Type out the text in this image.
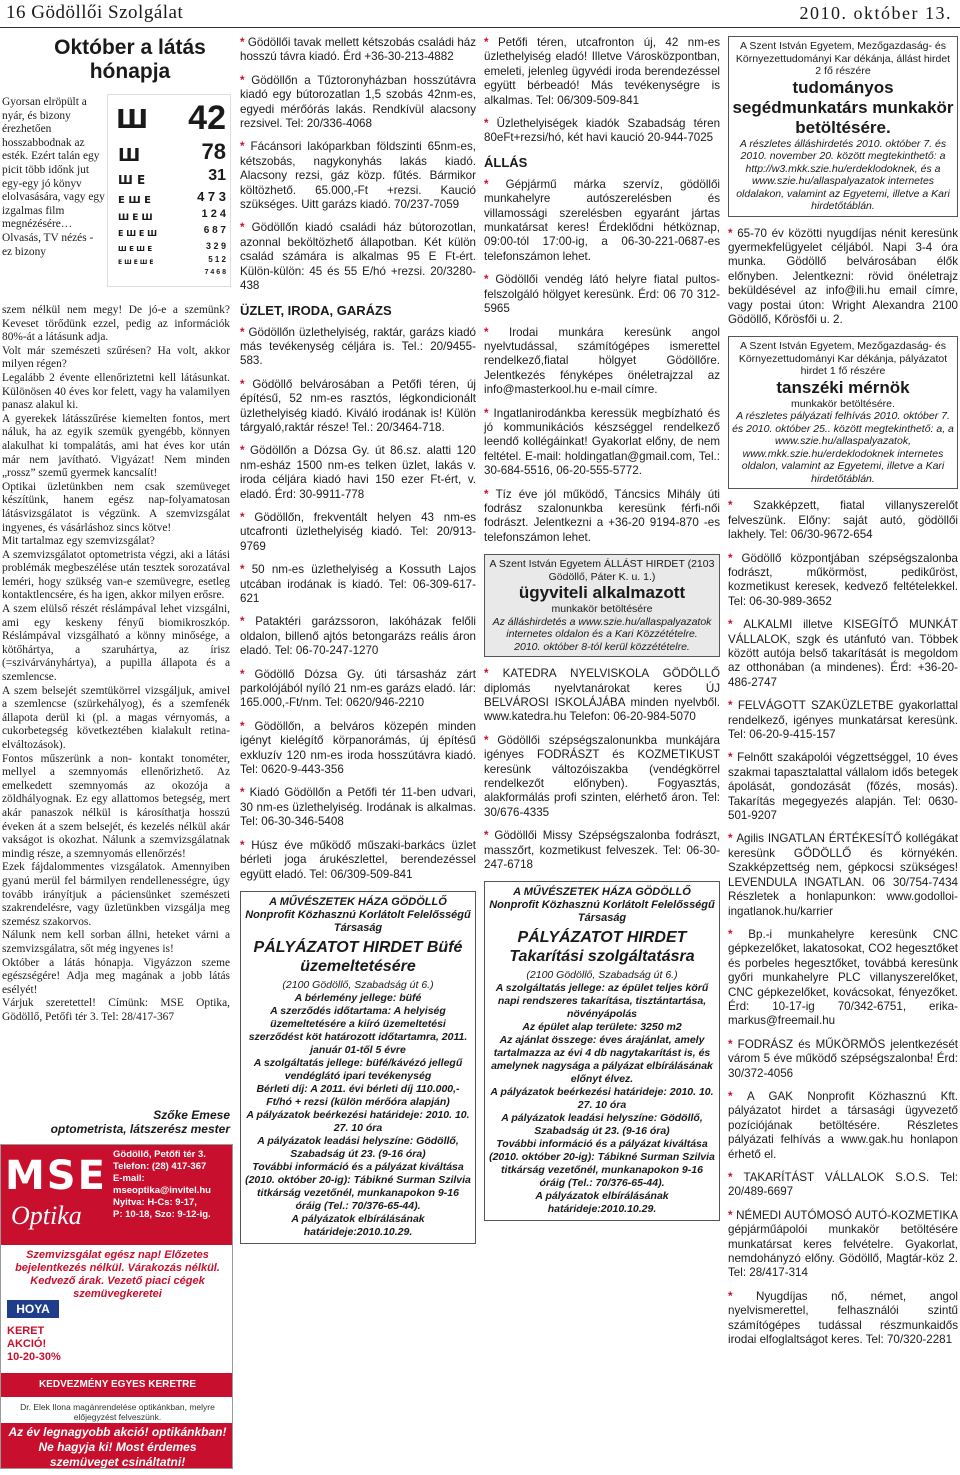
16 Gödöllői Szolgálat	2010. október 13.
Október a látás hónapja
Ш
Ш
Ш E
E Ш E
Ш E Ш
E Ш E Ш
Ш E Ш E
E Ш E Ш E
42
78
31
4 7 3
1 2 4
6 8 7
3 2 9
5 1 2
7 4 6 8
Gyorsan elröpült a nyár, és bizony érezhetően hosszabbodnak az esték. Ezért talán egy picit több időnk jut egy-egy jó könyv elolvasására, vagy egy izgalmas film megnézésére… Olvasás, TV nézés - ez bizony

szem nélkül nem megy! De jó-e a szemünk? Keveset törődünk ezzel, pedig az információk 80%-át a látásunk adja.

Volt már szemészeti szűrésen? Ha volt, akkor milyen régen?

Legalább 2 évente ellenőriztetni kell látásunkat. Különösen 40 éves kor felett, vagy ha valamilyen panasz alakul ki.

A gyerekek látásszűrése kiemelten fontos, mert náluk, ha az egyik szemük gyengébb, könnyen alakulhat ki tompalátás, ami hat éves kor után már nem javítható. Vigyázat! Nem minden „rossz” szemű gyermek kancsalít!

Optikai üzletünkben nem csak szemüveget készítünk, hanem egész nap-folyamatosan látásvizsgálatot is végzünk. A szemvizsgálat ingyenes, és vásárláshoz sincs kötve!

Mit tartalmaz egy szemvizsgálat?

A szemvizsgálatot optometrista végzi, aki a látási problémák megbeszélése után tesztek sorozatával leméri, hogy szükség van-e szemüvegre, esetleg kontaktlencsére, és ha igen, akkor milyen erősre.

A szem elülső részét réslámpával lehet vizsgálni, ami egy keskeny fényű biomikroszkóp. Réslámpával vizsgálható a könny minősége, a kötőhártya, a szaruhártya, az írisz (=szivárványhártya), a pupilla állapota és a szemlencse.

A szem belsejét szemtükörrel vizsgáljuk, amivel a szemlencse (szürkehályog), és a szemfenék állapota derül ki (pl. a magas vérnyomás, a cukorbetegség következtében kialakult retina-elváltozások).

Fontos műszerünk a non- kontakt tonométer, mellyel a szemnyomás ellenőrizhető. Az emelkedett szemnyomás az okozója a zöldhályognak. Ez egy allattomos betegség, mert akár panaszok nélkül is károsíthatja hosszú éveken át a szem belsejét, és kezelés nélkül akár vakságot is okozhat. Nálunk a szemvizsgálatnak mindig része, a szemnyomás ellenőrzés!

Ezek fájdalommentes vizsgálatok. Amennyiben gyanú merül fel bármilyen rendellenességre, úgy tovább irányítjuk a páciensünket szemészeti szakrendelésre, vagy üzletünkben vizsgálja meg szemész szakorvos.

Nálunk nem kell sorban állni, heteket várni a szemvizsgálatra, sőt még ingyenes is!

Október a látás hónapja. Vigyázzon szeme egészségére! Adja meg magának a jobb látás esélyét!

Várjuk szeretettel! Címünk: MSE Optika, Gödöllő, Petőfi tér 3. Tel: 28/417-367

Szőke Emese
optometrista, látszerész mester
MSE
Optika
Gödöllő, Petőfi tér 3.
Telefon: (28) 417-367
E-mail: mseoptika@invitel.hu
Nyitva: H-Cs: 9-17,
P: 10-18, Szo: 9-12-ig.
Szemvizsgálat egész nap! Előzetes bejelentkezés nélkül. Várakozás nélkül. Kedvező árak. Vezető piaci cégek szemüvegkeretei
HOYA
KERET
AKCIÓ!
10-20-30%
KEDVEZMÉNY EGYES KERETRE
Dr. Elek Ilona magánrendelése optikánkban, melyre előjegyzést felveszünk.
Az év legnagyobb akció! optikánkban!
Ne hagyja ki! Most érdemes
szemüveget csináltatni!
* Gödöllői tavak mellett kétszobás családi ház hosszú távra kiadó. Érd +36-30-213-4882
* Gödöllőn a Tűztoronyházban hosszútávra kiadó egy bútorozatlan 1,5 szobás 42nm-es, egyedi mérőórás lakás. Rendkívül alacsony rezsivel. Tel: 20/336-4068
* Fácánsori lakóparkban földszinti 65nm-es, kétszobás, nagykonyhás lakás kiadó. Alacsony rezsi, gáz közp. fűtés. Bármikor költözhető. 65.000,-Ft +rezsi. Kaució szükséges. Uitt garázs kiadó. 70/237-7059
* Gödöllőn kiadó családi ház bútorozotlan, azonnal beköltözhető állapotban. Két külön család számára is alkalmas 95 E Ft-ért. Külön-külön: 45 és 55 E/hó +rezsi. 20/3280-438
ÜZLET, IRODA, GARÁZS
* Gödöllőn üzlethelyiség, raktár, garázs kiadó más tevékenység céljára is. Tel.: 20/9455-583.
* Gödöllő belvárosában a Petőfi téren, új építésű, 52 nm-es rasztós, légkondicionált üzlethelyiség kiadó. Kiváló irodának is! Külön tárgyaló,raktár része! Tel.: 20/3464-718.
* Gödöllőn a Dózsa Gy. út 86.sz. alatti 120 nm-esház 1500 nm-es telken üzlet, lakás v. iroda céljára kiadó havi 150 ezer Ft-ért, v. eladó. Érd: 30-9911-778
* Gödöllőn, frekventált helyen 43 nm-es utcafronti üzlethelyiség kiadó. Tel: 20/913-9769
* 50 nm-es üzlethelyiség a Kossuth Lajos utcában irodának is kiadó. Tel: 06-309-617-621
* Pataktéri garázssoron, lakóházak felőli oldalon, billenő ajtós betongarázs reális áron eladó. Tel: 06-70-247-1270
* Gödöllő Dózsa Gy. úti társasház zárt parkolójából nyíló 21 nm-es garázs eladó. Iár: 165.000,-Ft/nm. Tel: 0620/946-2210
* Gödöllőn, a belváros közepén minden igényt kielégítő körpanorámás, új építésű exkluzív 120 nm-es iroda hosszútávra kiadó. Tel: 0620-9-443-356
* Kiadó Gödöllőn a Petőfi tér 11-ben udvari, 30 nm-es üzlethelyiség. Irodának is alkalmas. Tel: 06-30-346-5408
* Húsz éve működő műszaki-barkács üzlet bérleti joga árukészlettel, berendezéssel együtt eladó. Tel: 06/309-509-841
A MŰVÉSZETEK HÁZA GÖDÖLLŐ
Nonprofit Közhasznú Korlátolt Felelősségű Társaság
PÁLYÁZATOT HIRDET Büfé üzemeltetésére
(2100 Gödöllő, Szabadság út 6.)
A bérlemény jellege: büfé
A szerződés időtartama: A helyiség üzemeltetésére a kiíró üzemeltetési szerződést köt határozott időtartamra, 2011. január 01-től 5 évre
A szolgáltatás jellege: büfé/kávézó jellegű vendéglátó ipari tevékenység
Bérleti díj: A 2011. évi bérleti díj 110.000,-Ft/hó + rezsi (külön mérőóra alapján)
A pályázatok beérkezési határideje: 2010. 10. 27. 10 óra
A pályázatok leadási helyszíne: Gödöllő, Szabadság út 23. (9-16 óra)
További információ és a pályázat kiváltása (2010. október 20-ig): Tábikné Surman Szilvia titkárság vezetőnél, munkanapokon 9-16 óráig (Tel.: 70/376-65-44).
A pályázatok elbírálásának határideje:2010.10.29.
* Petőfi téren, utcafronton új, 42 nm-es üzlethelyiség eladó! Illetve Városközpontban, emeleti, jelenleg ügyvédi iroda berendezéssel együtt bérbeadó! Más tevékenységre is alkalmas. Tel: 06/309-509-841
* Üzlethelyiségek kiadók Szabadság téren 80eFt+rezsi/hó, két havi kaució 20-944-7025
ÁLLÁS
* Gépjármű márka szervíz, gödöllői munkahelyre autószerelésben és villamossági szerelésben egyaránt jártas munkatársat keres! Érdeklődni hétköznap, 09:00-tól 17:00-ig, a 06-30-221-0687-es telefonszámon lehet.
* Gödöllői vendég látó helyre fiatal pultos-felszolgáló hölgyet keresünk. Érd: 06 70 312-5965
* Irodai munkára keresünk angol nyelvtudással, számítógépes ismerettel rendelkező,fiatal hölgyet Gödöllőre. Jelentkezés fényképes önéletrajzzal az info@masterkool.hu e-mail címre.
* Ingatlanirodánkba keressük megbízható és jó kommunikációs készséggel rendelkező leendő kollégáinkat! Gyakorlat előny, de nem feltétel. E-mail: holdingatlan@gmail.com, Tel.: 30-684-5516, 06-20-555-5772.
* Tíz éve jól működő, Táncsics Mihály úti fodrász szalonunkba keresünk férfi-női fodrászt. Jelentkezni a +36-20 9194-870 -es telefonszámon lehet.
A Szent István Egyetem ÁLLÁST HIRDET (2103 Gödöllő, Páter K. u. 1.)
ügyviteli alkalmazott
munkakör betöltésére
Az álláshirdetés a www.szie.hu/allaspalyazatok internetes oldalon és a Kari Közzétételre.
2010. október 8-tól kerül közzétételre.
* KATEDRA NYELVISKOLA GÖDÖLLŐ diplomás nyelvtanárokat keres ÚJ BELVÁROSI ISKOLÁJÁBA minden nyelvből. www.katedra.hu Telefon: 06-20-984-5070
* Gödöllői szépségszalonunkba munkájára igényes FODRÁSZT és KOZMETIKUST keresünk változóiszakba (vendégkörrel rendelkezőt előnyben). Fogyasztás, alakformálás profi szinten, elérhető áron. Tel: 30/676-4335
* Gödöllői Missy Szépségszalonba fodrászt, masszőrt, kozmetikust felveszek. Tel: 06-30-247-6718
A MŰVÉSZETEK HÁZA GÖDÖLLŐ
Nonprofit Közhasznú Korlátolt Felelősségű Társaság
PÁLYÁZATOT HIRDET Takarítási szolgáltatásra
(2100 Gödöllő, Szabadság út 6.)
A szolgáltatás jellege: az épület teljes körű napi rendszeres takarítása, tisztántartása, növényápolás
Az épület alap területe: 3250 m2
Az ajánlat összege: éves árajánlat, amely tartalmazza az évi 4 db nagytakarítást is, és amelynek nagysága a pályázat elbírálásának előnyt élvez.
A pályázatok beérkezési határideje: 2010. 10. 27. 10 óra
A pályázatok leadási helyszíne: Gödöllő, Szabadság út 23. (9-16 óra)
További információ és a pályázat kiváltása (2010. október 20-ig): Tábikné Surman Szilvia titkárság vezetőnél, munkanapokon 9-16 óráig (Tel.: 70/376-65-44).
A pályázatok elbírálásának határideje:2010.10.29.
A Szent István Egyetem, Mezőgazdaság- és Környezettudományi Kar dékánja, állást hirdet 2 fő részére
tudományos segédmunkatárs munkakör betöltésére.
A részletes álláshirdetés 2010. október 7. és 2010. november 20. között megtekinthető: a http://w3.mkk.szie.hu/erdeklodoknek, és a www.szie.hu/allaspalyazatok internetes oldalakon, valamint az Egyetemi, illetve a Kari hirdetőtáblán.
* 65-70 év közötti nyugdíjas nénit keresünk gyermekfelügyelet céljából. Napi 3-4 óra munka. Gödöllő belvárosában élők előnyben. Jelentkezni: rövid önéletrajz beküldésével az info@ili.hu email címre, vagy postai úton: Wright Alexandra 2100 Gödöllő, Kőrösfői u. 2.
A Szent István Egyetem, Mezőgazdaság- és Környezettudományi Kar dékánja, pályázatot hirdet 1 fő részére
tanszéki mérnök
munkakör betöltésére.
A részletes pályázati felhívás 2010. október 7. és 2010. október 25.. között megtekinthető: a, a www.szie.hu/allaspalyazatok, www.mkk.szie.hu/erdeklodoknek internetes oldalon, valamint az Egyetemi, illetve a Kari hirdetőtáblán.
* Szakképzett, fiatal villanyszerelőt felveszünk. Előny: saját autó, gödöllői lakhely. Tel: 06/30-9672-654
* Gödöllő központjában szépségszalonba fodrászt, műkörmöst, pedikűröst, kozmetikust keresek, kedvező feltételekkel. Tel: 06-30-989-3652
* ALKALMI illetve KISEGÍTŐ MUNKÁT VÁLLALOK, szgk és utánfutó van. Többek között autója belső takarítását is megoldom az otthonában (a mindenes). Érd: +36-20-486-2747
* FELVÁGOTT SZAKÜZLETBE gyakorlattal rendelkező, igényes munkatársat keresünk. Tel: 06-20-9-415-157
* Felnőtt szakápolói végzettséggel, 10 éves szakmai tapasztalattal vállalom idős betegek ápolását, gondozását (főzés, mosás). Takarítás megegyezés alapján. Tel: 0630-501-9207
* Agilis INGATLAN ÉRTÉKESÍTŐ kollégákat keresünk GÖDÖLLŐ és környékén. Szakképzettség nem, gépkocsi szükséges! LEVENDULA INGATLAN. 06 30/754-7434 Részletek a honlapunkon: www.godolloi-ingatlanok.hu/karrier
* Bp.-i munkahelyre keresünk CNC gépkezelőket, lakatosokat, CO2 hegesztőket és porbeles hegesztőket, továbbá keresünk győri munkahelyre PLC villanyszerelőket, CNC gépkezelőket, kovácsokat, fényezőket. Érd: 10-17-ig 70/342-6751, erika-markus@freemail.hu
* FODRÁSZ és MŰKÖRMÖS jelentkezését várom 5 éve működő szépségszalonba! Érd: 30/372-4056
* A GAK Nonprofit Közhasznú Kft. pályázatot hirdet a társasági ügyvezető pozíciójának betöltésére. Részletes pályázati felhívás a www.gak.hu honlapon érhető el.
* TAKARÍTÁST VÁLLALOK S.O.S. Tel: 20/489-6697
* NÉMEDI AUTÓMOSÓ AUTÓ-KOZMETIKA gépjárműápolói munkakör betöltésére munkatársat keres felvételre. Gyakorlat, nemdohányzó előny. Gödöllő, Magtár-köz 2. Tel: 28/417-314
* Nyugdíjas nő, német, angol nyelvismerettel, felhasználói szintű számítógépes tudással részmunkaidős irodai elfoglaltságot keres. Tel: 70/320-2281
